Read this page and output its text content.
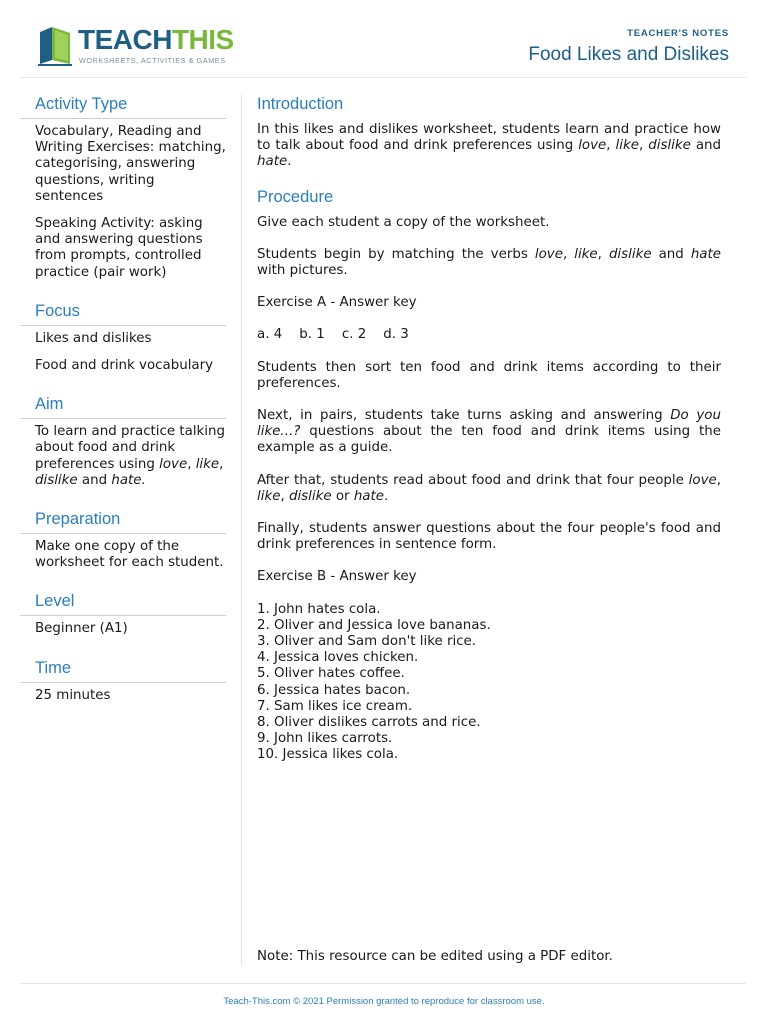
TEACHTHIS
WORKSHEETS, ACTIVITIES & GAMES
TEACHER'S NOTES
Food Likes and Dislikes
Activity Type

Vocabulary, Reading and Writing Exercises: matching, categorising, answering questions, writing sentences

Speaking Activity: asking and answering questions from prompts, controlled practice (pair work)

Focus

Likes and dislikes

Food and drink vocabulary

Aim

To learn and practice talking about food and drink preferences using love, like, dislike and hate.

Preparation

Make one copy of the worksheet for each student.

Level

Beginner (A1)

Time

25 minutes

Introduction

In this likes and dislikes worksheet, students learn and practice how to talk about food and drink preferences using love, like, dislike and hate.

Procedure

Give each student a copy of the worksheet.

Students begin by matching the verbs love, like, dislike and hate with pictures.

Exercise A - Answer key

a. 4    b. 1    c. 2    d. 3

Students then sort ten food and drink items according to their preferences.

Next, in pairs, students take turns asking and answering Do you like...? questions about the ten food and drink items using the example as a guide.

After that, students read about food and drink that four people love, like, dislike or hate.

Finally, students answer questions about the four people's food and drink preferences in sentence form.

Exercise B - Answer key

1. John hates cola.
2. Oliver and Jessica love bananas.
3. Oliver and Sam don't like rice.
4. Jessica loves chicken.
5. Oliver hates coffee.
6. Jessica hates bacon.
7. Sam likes ice cream.
8. Oliver dislikes carrots and rice.
9. John likes carrots.
10. Jessica likes cola.
Note: This resource can be edited using a PDF editor.
Teach-This.com © 2021 Permission granted to reproduce for classroom use.
